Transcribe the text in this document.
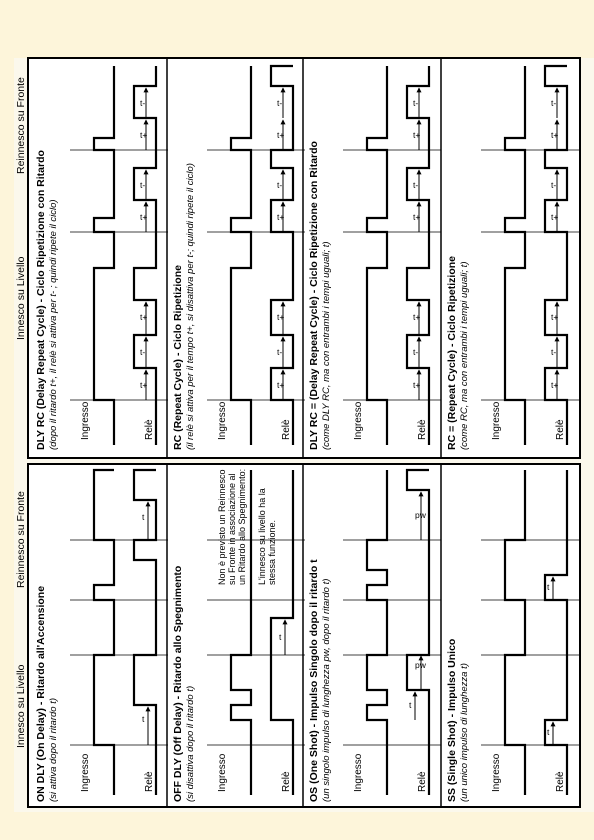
Innesco su Livello
Reinnesco su Fronte
Innesco su Livello
Reinnesco su Fronte
ON DLY (On Delay) - Ritardo all'Accensione (si attiva dopo il ritardo t) Ingresso	Relè
t
t
OFF DLY (Off Delay) - Ritardo allo Spegnimento (si disattiva dopo il ritardo t) Ingresso	Relè
t
Non è previsto un Reinnesco su Fronte in associazione al un Ritardo allo Spegnimento: L'innesco su livello ha la stessa funzione.
OS (One Shot) - Impulso Singolo dopo il ritardo t (un singolo impulso di lunghezza pw, dopo il ritardo t) Ingresso	Relè
t
pw
pw
SS (Single Shot) - Impulso Unico (un unico impulso di lunghezza t) Ingresso	Relè
t
t
DLY RC (Delay Repeat Cycle) - Ciclo Ripetizione con Ritardo (dopo il ritardo t+, il relè si attiva per t- ; quindi ripete il ciclo) Ingresso	Relè
t+
t-
t+
t+
t-
t+
t-
RC (Repeat Cycle) - Ciclo Ripetizione (il relè si attiva per il tempo t+, si disattiva per t-; quindi ripete il ciclo) Ingresso	Relè
t+
t-
t+
t+
t-
t+
t-
DLY RC = (Delay Repeat Cycle) - Ciclo Ripetizione con Ritardo (come DLY RC, ma con entrambi i tempi uguali; t) Ingresso	Relè
t+
t-
t+
t+
t-
t+
t-
RC = (Repeat Cycle) - Ciclo Ripetizione (come RC, ma con entrambi i tempi uguali; t) Ingresso	Relè
t+
t-
t+
t+
t-
t+
t-
